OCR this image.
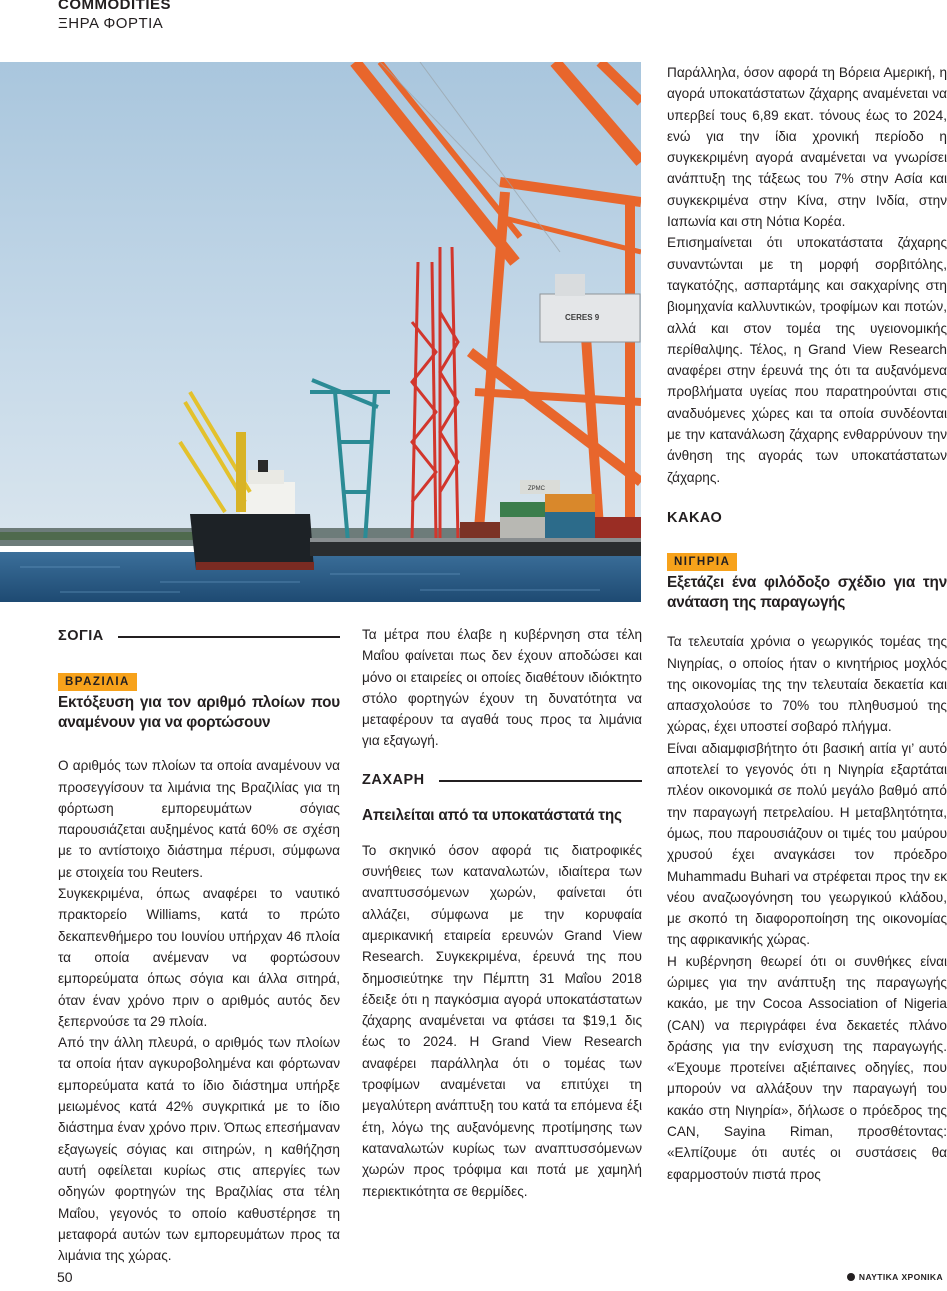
COMMODITIES
ΞΗΡΑ ΦΟΡΤΙΑ
CERES 9
ZPMC
ΣΟΓΙΑ
ΒΡΑΖΙΛΙΑ
Εκτόξευση για τον αριθμό πλοίων που αναμένουν για να φορτώσουν

Ο αριθμός των πλοίων τα οποία αναμένουν να προσεγγίσουν τα λιμάνια της Βραζιλίας για τη φόρτωση εμπορευμάτων σόγιας παρουσιάζεται αυξημένος κατά 60% σε σχέση με το αντίστοιχο διάστημα πέρυσι, σύμφωνα με στοιχεία του Reuters.

Συγκεκριμένα, όπως αναφέρει το ναυτικό πρακτορείο Williams, κατά το πρώτο δεκαπενθήμερο του Ιουνίου υπήρχαν 46 πλοία τα οποία ανέμεναν να φορτώσουν εμπορεύματα όπως σόγια και άλλα σιτηρά, όταν έναν χρόνο πριν ο αριθμός αυτός δεν ξεπερνούσε τα 29 πλοία.

Από την άλλη πλευρά, ο αριθμός των πλοίων τα οποία ήταν αγκυροβολημένα και φόρτωναν εμπορεύματα κατά το ίδιο διάστημα υπήρξε μειωμένος κατά 42% συγκριτικά με το ίδιο διάστημα έναν χρόνο πριν. Όπως επεσήμαναν εξαγωγείς σόγιας και σιτηρών, η καθήζηση αυτή οφείλεται κυρίως στις απεργίες των οδηγών φορτηγών της Βραζιλίας στα τέλη Μαΐου, γεγονός το οποίο καθυστέρησε τη μεταφορά αυτών των εμπορευμάτων προς τα λιμάνια της χώρας.

Τα μέτρα που έλαβε η κυβέρνηση στα τέλη Μαΐου φαίνεται πως δεν έχουν αποδώσει και μόνο οι εταιρείες οι οποίες διαθέτουν ιδιόκτητο στόλο φορτηγών έχουν τη δυνατότητα να μεταφέρουν τα αγαθά τους προς τα λιμάνια για εξαγωγή.

ΖΑΧΑΡΗ
Απειλείται από τα υποκατάστατά της

Το σκηνικό όσον αφορά τις διατροφικές συνήθειες των καταναλωτών, ιδιαίτερα των αναπτυσσόμενων χωρών, φαίνεται ότι αλλάζει, σύμφωνα με την κορυφαία αμερικανική εταιρεία ερευνών Grand View Research. Συγκεκριμένα, έρευνά της που δημοσιεύτηκε την Πέμπτη 31 Μαΐου 2018 έδειξε ότι η παγκόσμια αγορά υποκατάστατων ζάχαρης αναμένεται να φτάσει τα $19,1 δις έως το 2024. Η Grand View Research αναφέρει παράλληλα ότι ο τομέας των τροφίμων αναμένεται να επιτύχει τη μεγαλύτερη ανάπτυξη του κατά τα επόμενα έξι έτη, λόγω της αυξανόμενης προτίμησης των καταναλωτών κυρίως των αναπτυσσόμενων χωρών προς τρόφιμα και ποτά με χαμηλή περιεκτικότητα σε θερμίδες.

Παράλληλα, όσον αφορά τη Βόρεια Αμερική, η αγορά υποκατάστατων ζάχαρης αναμένεται να υπερβεί τους 6,89 εκατ. τόνους έως το 2024, ενώ για την ίδια χρονική περίοδο η συγκεκριμένη αγορά αναμένεται να γνωρίσει ανάπτυξη της τάξεως του 7% στην Ασία και συγκεκριμένα στην Κίνα, στην Ινδία, στην Ιαπωνία και στη Νότια Κορέα.

Επισημαίνεται ότι υποκατάστατα ζάχαρης συναντώνται με τη μορφή σορβιτόλης, ταγκατόζης, ασπαρτάμης και σακχαρίνης στη βιομηχανία καλλυντικών, τροφίμων και ποτών, αλλά και στον τομέα της υγειονομικής περίθαλψης. Τέλος, η Grand View Research αναφέρει στην έρευνά της ότι τα αυξανόμενα προβλήματα υγείας που παρατηρούνται στις αναδυόμενες χώρες και τα οποία συνδέονται με την κατανάλωση ζάχαρης ενθαρρύνουν την άνθηση της αγοράς των υποκατάστατων ζάχαρης.

ΚΑΚΑΟ
ΝΙΓΗΡΙΑ
Εξετάζει ένα φιλόδοξο σχέδιο για την ανάταση της παραγωγής

Τα τελευταία χρόνια ο γεωργικός τομέας της Νιγηρίας, ο οποίος ήταν ο κινητήριος μοχλός της οικονομίας της την τελευταία δεκαετία και απασχολούσε το 70% του πληθυσμού της χώρας, έχει υποστεί σοβαρό πλήγμα.

Είναι αδιαμφισβήτητο ότι βασική αιτία γι’ αυτό αποτελεί το γεγονός ότι η Νιγηρία εξαρτάται πλέον οικονομικά σε πολύ μεγάλο βαθμό από την παραγωγή πετρελαίου. Η μεταβλητότητα, όμως, που παρουσιάζουν οι τιμές του μαύρου χρυσού έχει αναγκάσει τον πρόεδρο Muhammadu Buhari να στρέφεται προς την εκ νέου αναζωογόνηση του γεωργικού κλάδου, με σκοπό τη διαφοροποίηση της οικονομίας της αφρικανικής χώρας.

Η κυβέρνηση θεωρεί ότι οι συνθήκες είναι ώριμες για την ανάπτυξη της παραγωγής κακάο, με την Cocoa Association of Nigeria (CAN) να περιγράφει ένα δεκαετές πλάνο δράσης για την ενίσχυση της παραγωγής. «Έχουμε προτείνει αξιέπαινες οδηγίες, που μπορούν να αλλάξουν την παραγωγή του κακάο στη Νιγηρία», δήλωσε ο πρόεδρος της CAN, Sayina Riman, προσθέτοντας: «Ελπίζουμε ότι αυτές οι συστάσεις θα εφαρμοστούν πιστά προς

50	ΝΑΥΤΙΚΑ ΧΡΟΝΙΚΑ
